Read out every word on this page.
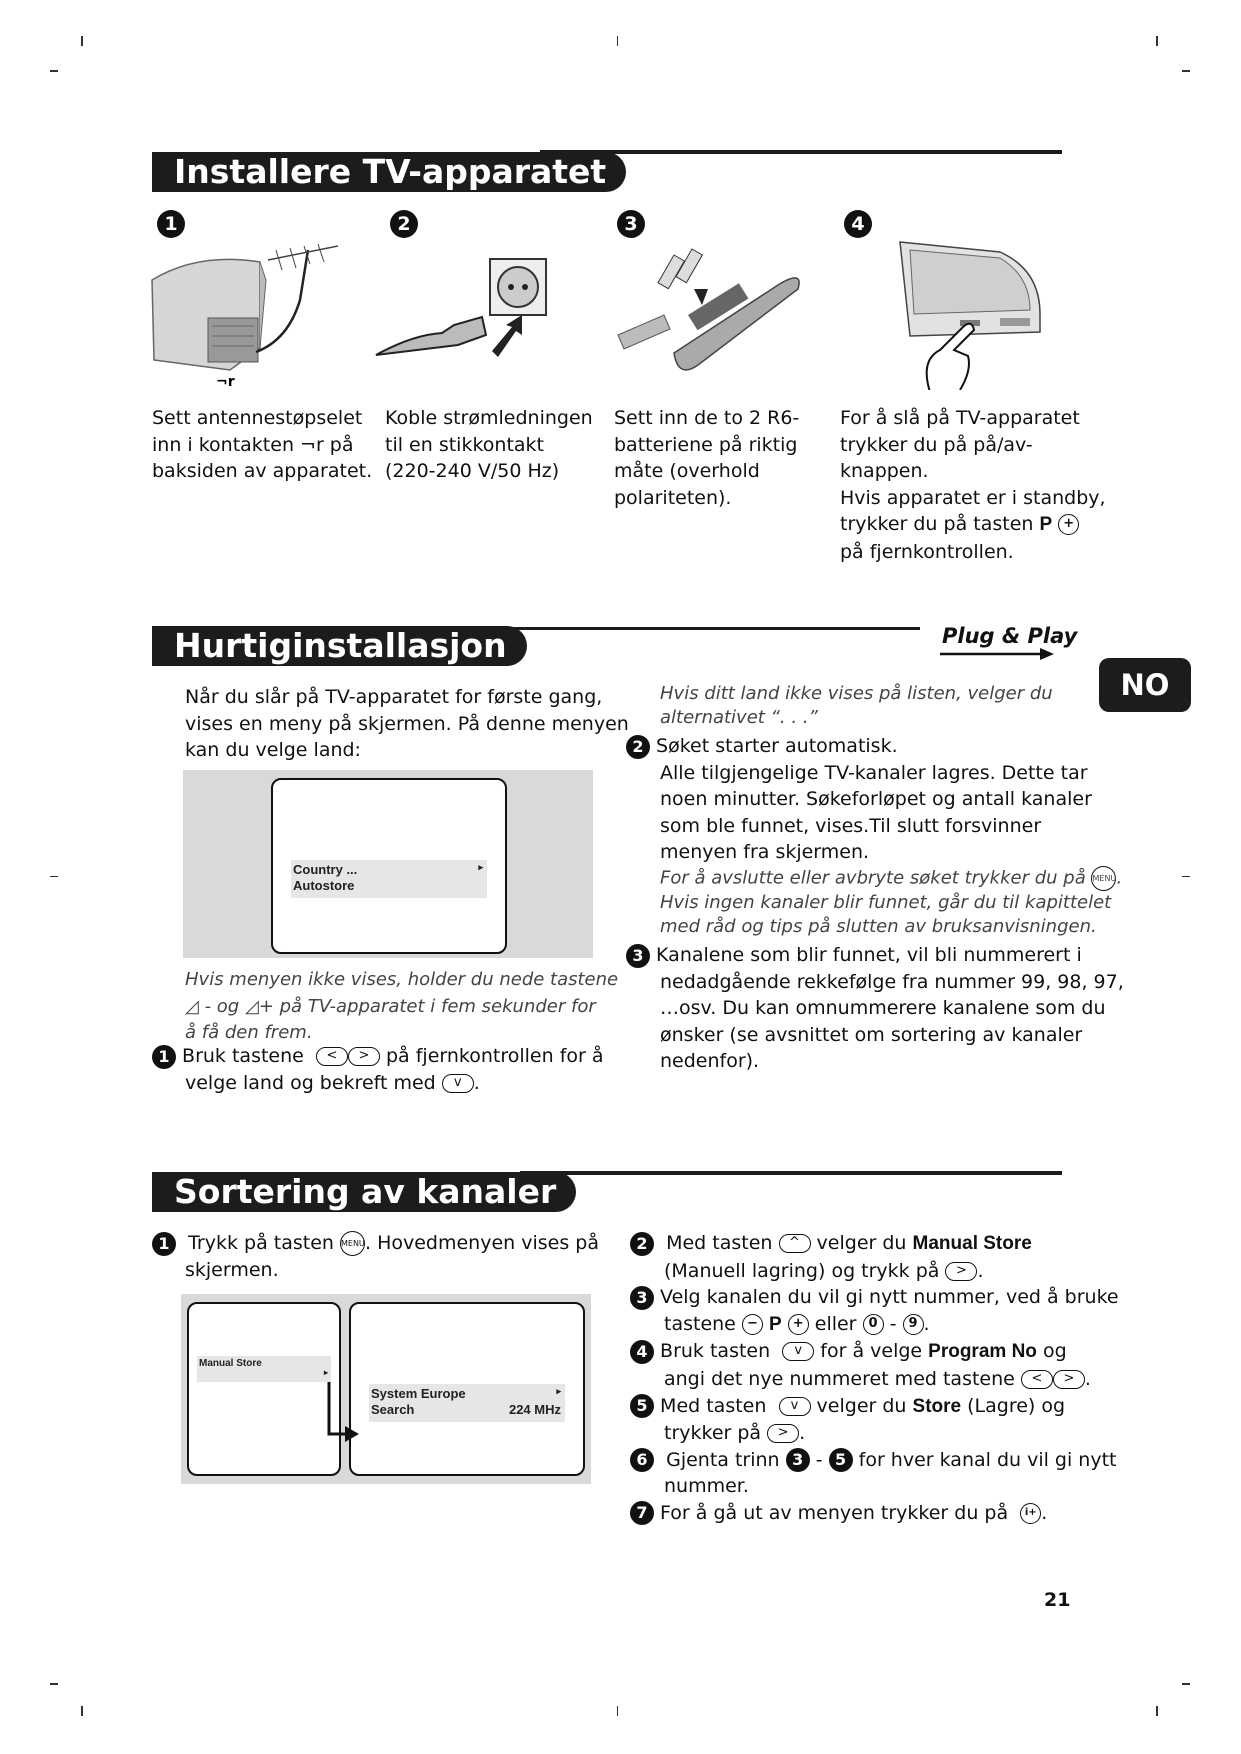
Installere TV-apparatet
1	2	3	4
¬r
Sett antennestøpselet
inn i kontakten ¬r på
baksiden av apparatet.
Koble strømledningen
til en stikkontakt
(220-240 V/50 Hz)
Sett inn de to 2 R6-
batteriene på riktig
måte (overhold
polariteten).
For å slå på TV-apparatet
trykker du på på/av-
knappen.
Hvis apparatet er i standby,
trykker du på tasten P +
på fjernkontrollen.
Hurtiginstallasjon	Plug & Play
NO
Når du slår på TV-apparatet for første gang,
vises en meny på skjermen. På denne menyen
kan du velge land:
Country ...	▸
Autostore
Hvis menyen ikke vises, holder du nede tastene
◿ - og ◿+ på TV-apparatet i fem sekunder for
å få den frem.
1 Bruk tastene < > på fjernkontrollen for å
velge land og bekreft med v .
Hvis ditt land ikke vises på listen, velger du
alternativet “. . .”
2 Søket starter automatisk.
Alle tilgjengelige TV-kanaler lagres. Dette tar
noen minutter. Søkeforløpet og antall kanaler
som ble funnet, vises.Til slutt forsvinner
menyen fra skjermen.
For å avslutte eller avbryte søket trykker du på MENU.
Hvis ingen kanaler blir funnet, går du til kapittelet
med råd og tips på slutten av bruksanvisningen.
3 Kanalene som blir funnet, vil bli nummerert i
nedadgående rekkefølge fra nummer 99, 98, 97,
…osv. Du kan omnummerere kanalene som du
ønsker (se avsnittet om sortering av kanaler
nedenfor).
Sortering av kanaler
1 Trykk på tasten MENU. Hovedmenyen vises på
skjermen.
Manual Store
▸
System Europe	▸
Search	224 MHz
2 Med tasten ^ velger du Manual Store
(Manuell lagring) og trykk på > .
3 Velg kanalen du vil gi nytt nummer, ved å bruke
tastene − P + eller 0 - 9 .
4 Bruk tasten v for å velge Program No og
angi det nye nummeret med tastene < > .
5 Med tasten v velger du Store (Lagre) og
trykker på > .
6 Gjenta trinn 3 - 5 for hver kanal du vil gi nytt
nummer.
7 For å gå ut av menyen trykker du på i+ .
21
